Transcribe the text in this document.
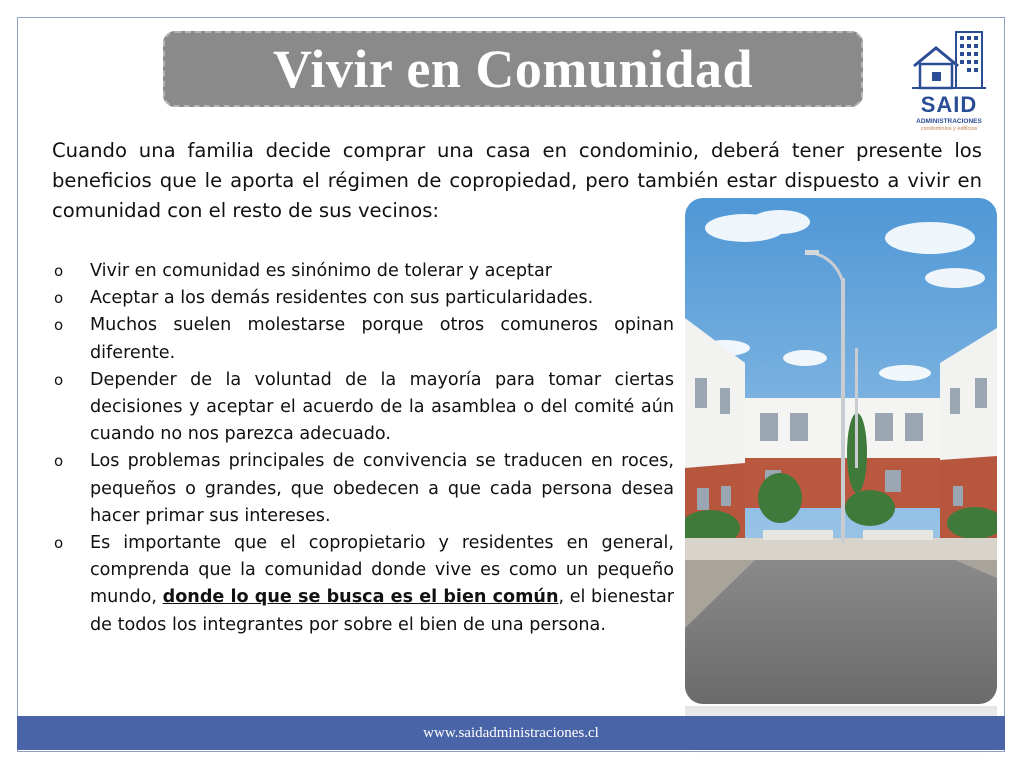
Vivir en Comunidad
SAID
ADMINISTRACIONES
condominios y edificios

Cuando una familia decide comprar una casa en condominio, deberá tener presente los beneficios que le aporta el régimen de copropiedad, pero también estar dispuesto a vivir en comunidad con el resto de sus vecinos:

o Vivir en comunidad es sinónimo de tolerar y aceptar
o Aceptar a los demás residentes con sus particularidades.
o Muchos suelen molestarse porque otros comuneros opinan diferente.
o Depender de la voluntad de la mayoría para tomar ciertas decisiones y aceptar el acuerdo de la asamblea o del comité aún cuando no nos parezca adecuado.
o Los problemas principales de convivencia se traducen en roces, pequeños o grandes, que obedecen a que cada persona desea hacer primar sus intereses.
o Es importante que el copropietario y residentes en general, comprenda que la comunidad donde vive es como un pequeño mundo, donde lo que se busca es el bien común, el bienestar de todos los integrantes por sobre el bien de una persona.
www.saidadministraciones.cl
